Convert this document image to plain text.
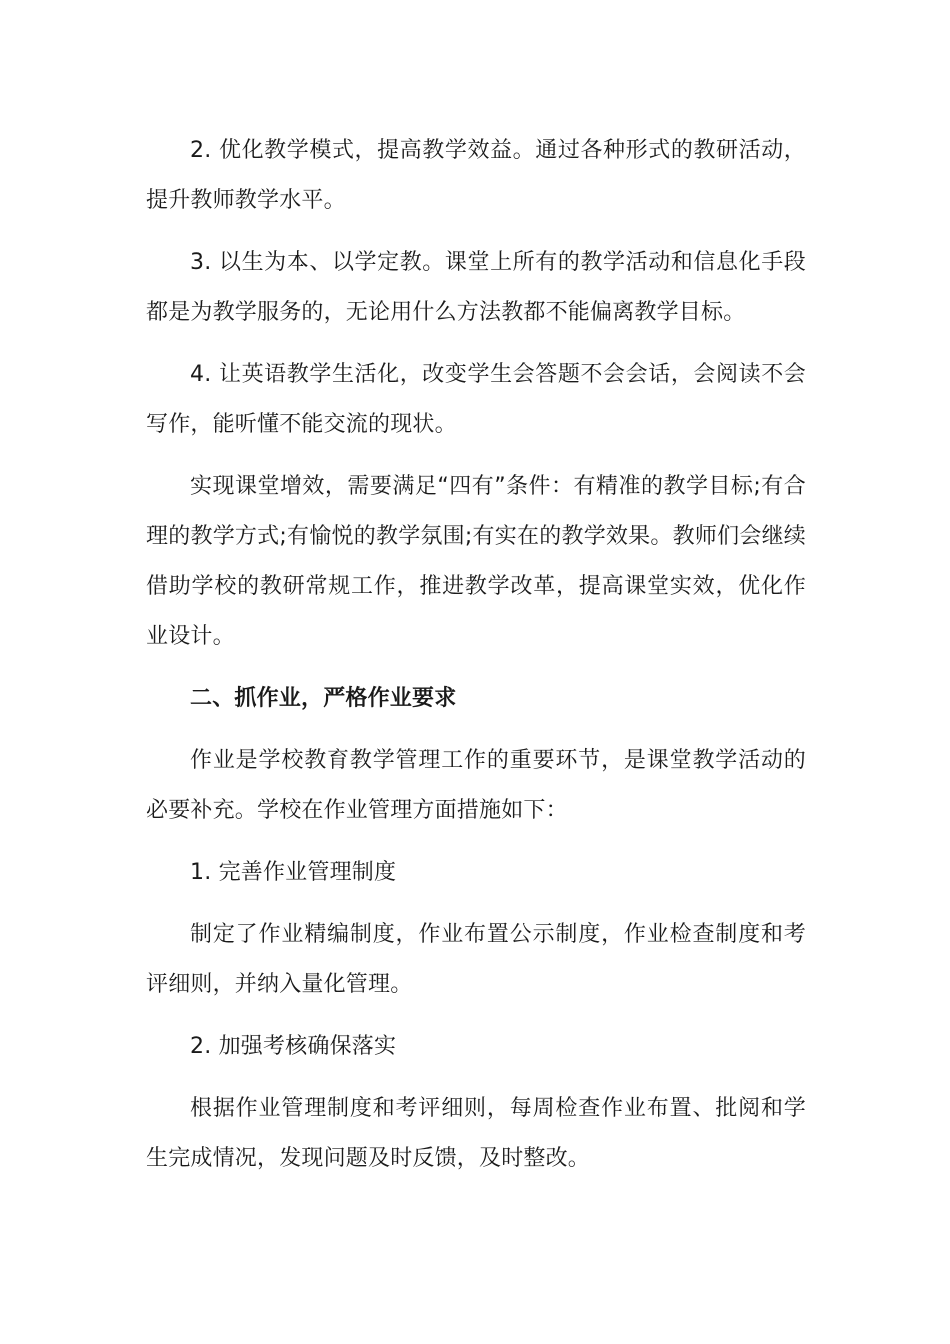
2. 优化教学模式，提高教学效益。通过各种形式的教研活动，提升教师教学水平。

3. 以生为本、以学定教。课堂上所有的教学活动和信息化手段都是为教学服务的，无论用什么方法教都不能偏离教学目标。

4. 让英语教学生活化，改变学生会答题不会会话，会阅读不会写作，能听懂不能交流的现状。

实现课堂增效，需要满足“四有”条件：有精准的教学目标;有合理的教学方式;有愉悦的教学氛围;有实在的教学效果。教师们会继续借助学校的教研常规工作，推进教学改革，提高课堂实效，优化作业设计。

二、抓作业，严格作业要求

作业是学校教育教学管理工作的重要环节，是课堂教学活动的必要补充。学校在作业管理方面措施如下：

1. 完善作业管理制度

制定了作业精编制度，作业布置公示制度，作业检查制度和考评细则，并纳入量化管理。

2. 加强考核确保落实

根据作业管理制度和考评细则，每周检查作业布置、批阅和学生完成情况，发现问题及时反馈，及时整改。
